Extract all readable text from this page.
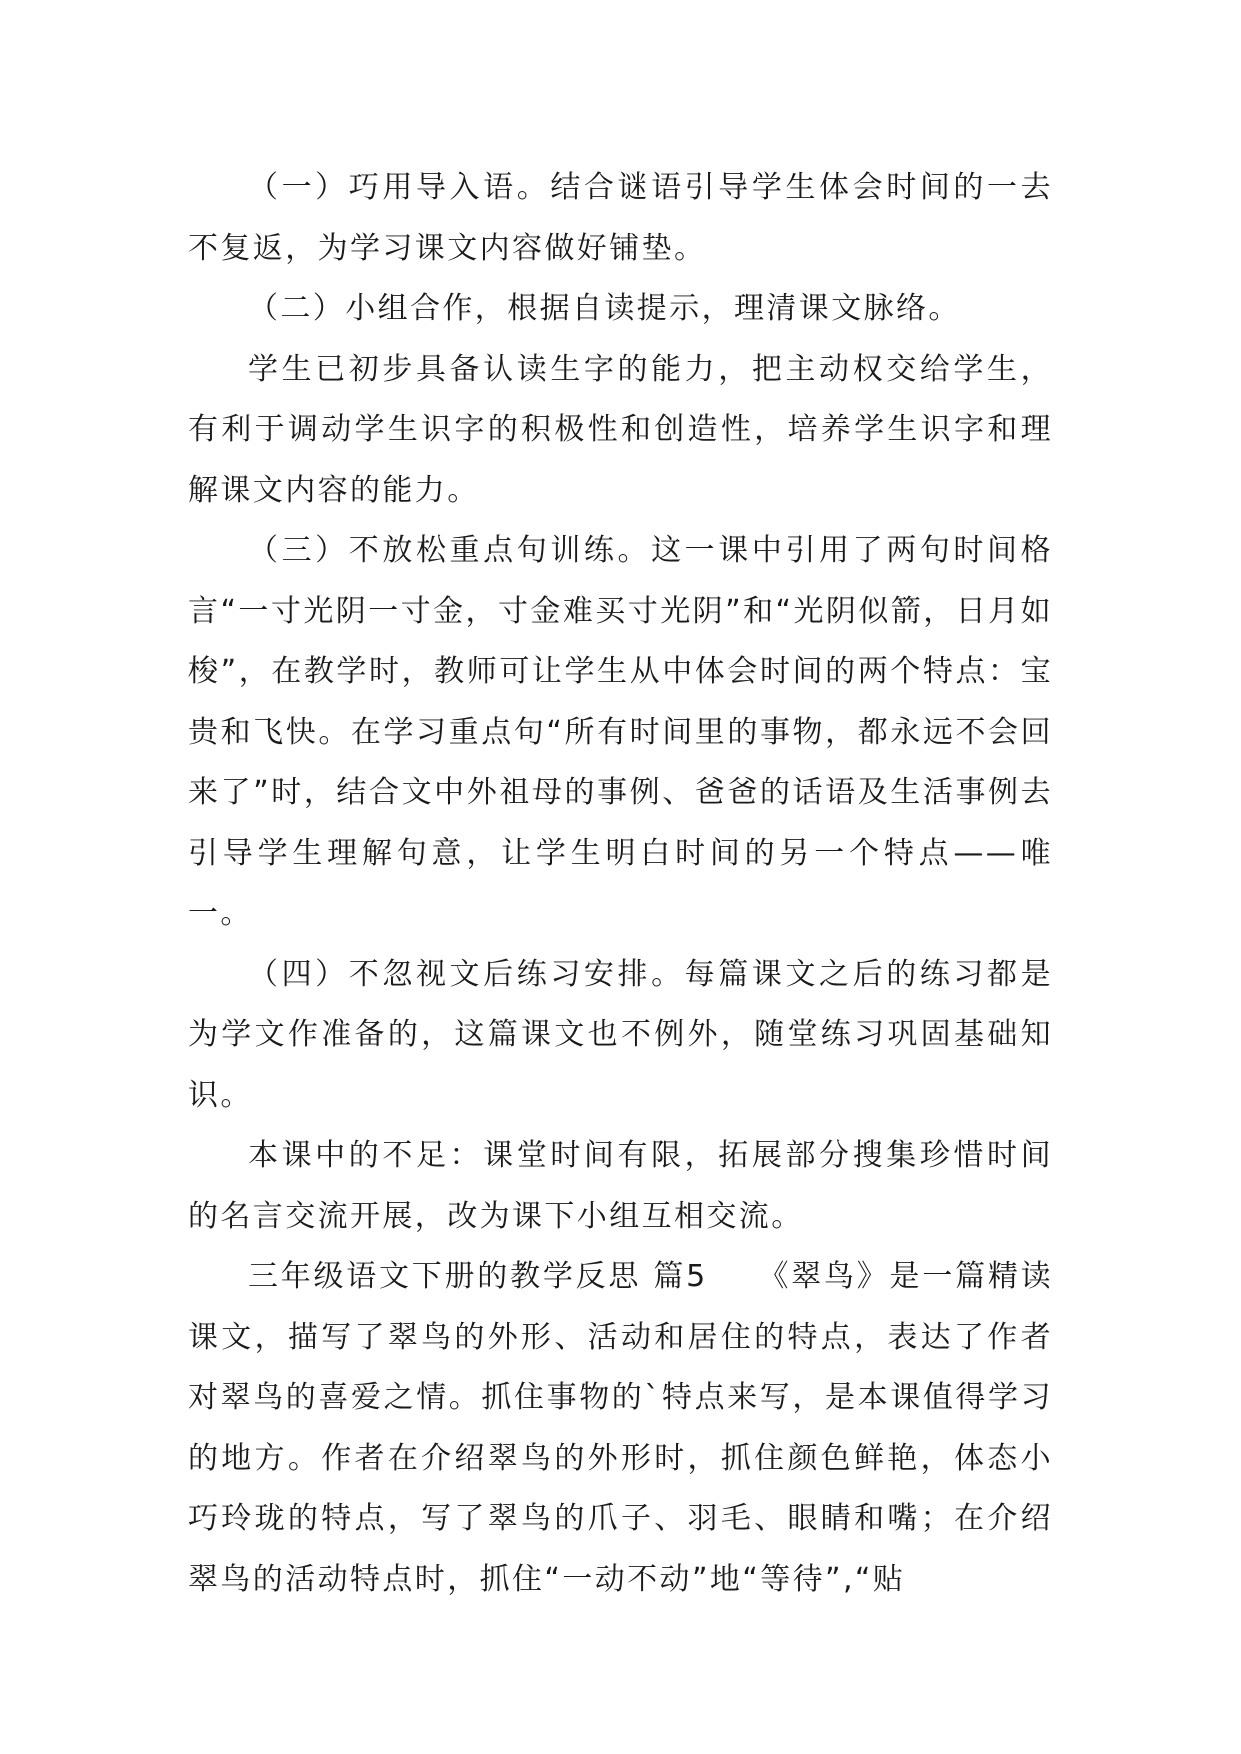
（一）巧用导入语。结合谜语引导学生体会时间的一去不复返，为学习课文内容做好铺垫。

（二）小组合作，根据自读提示，理清课文脉络。

学生已初步具备认读生字的能力，把主动权交给学生，有利于调动学生识字的积极性和创造性，培养学生识字和理解课文内容的能力。

（三）不放松重点句训练。这一课中引用了两句时间格言“一寸光阴一寸金，寸金难买寸光阴”和“光阴似箭，日月如梭”，在教学时，教师可让学生从中体会时间的两个特点：宝贵和飞快。在学习重点句“所有时间里的事物，都永远不会回来了”时，结合文中外祖母的事例、爸爸的话语及生活事例去引导学生理解句意，让学生明白时间的另一个特点——唯一。

（四）不忽视文后练习安排。每篇课文之后的练习都是为学文作准备的，这篇课文也不例外，随堂练习巩固基础知识。

本课中的不足：课堂时间有限，拓展部分搜集珍惜时间的名言交流开展，改为课下小组互相交流。

三年级语文下册的教学反思 篇5　　《翠鸟》是一篇精读课文，描写了翠鸟的外形、活动和居住的特点，表达了作者对翠鸟的喜爱之情。抓住事物的`特点来写，是本课值得学习的地方。作者在介绍翠鸟的外形时，抓住颜色鲜艳，体态小巧玲珑的特点，写了翠鸟的爪子、羽毛、眼睛和嘴；在介绍翠鸟的活动特点时，抓住“一动不动”地“等待”,“贴
